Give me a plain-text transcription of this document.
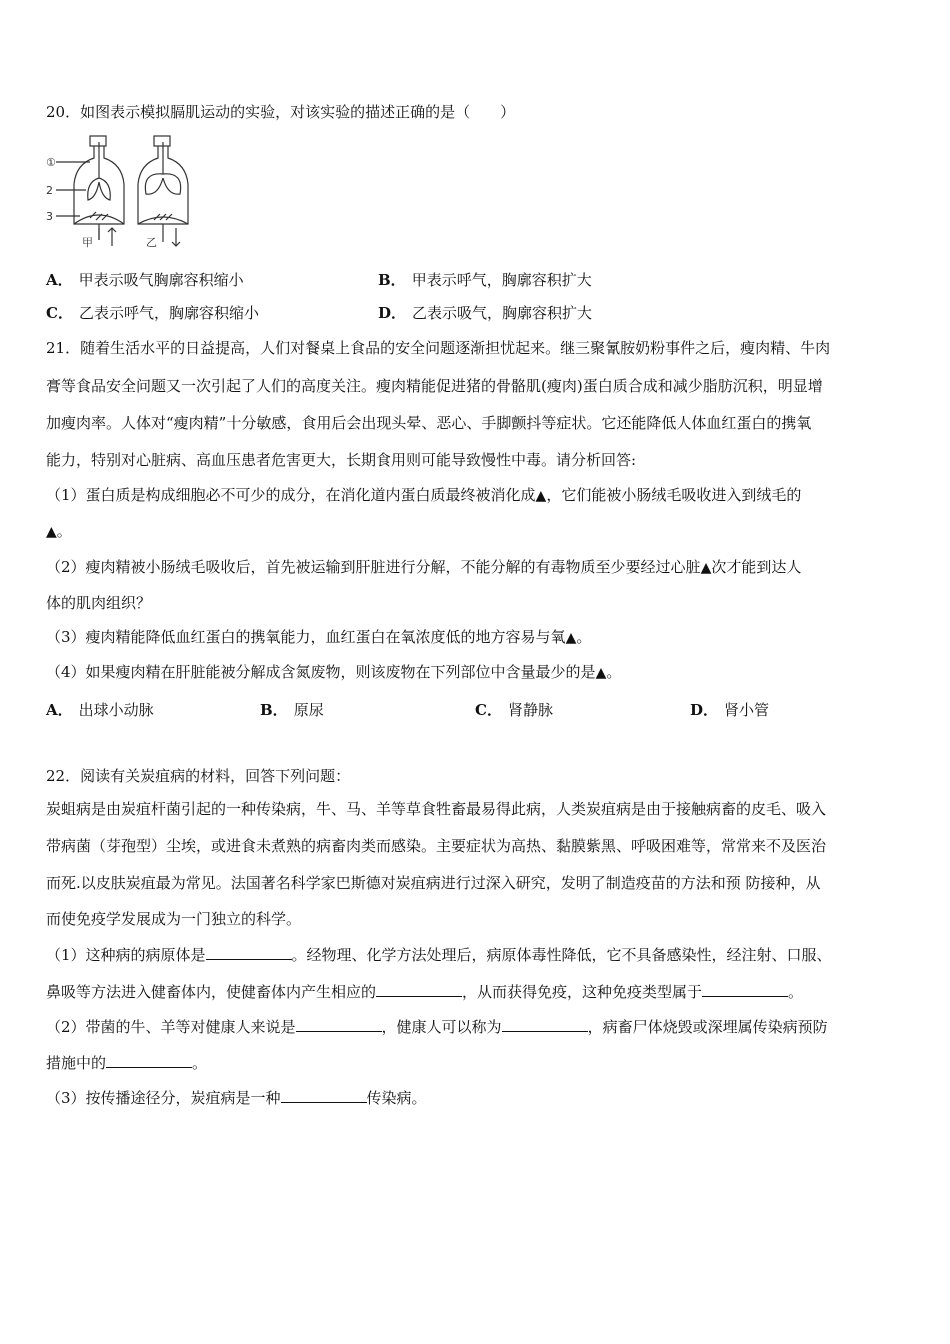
20．如图表示模拟膈肌运动的实验，对该实验的描述正确的是（　　）
①
2
3
甲	乙
A． 甲表示吸气胸廓容积缩小	B． 甲表示呼气，胸廓容积扩大
C． 乙表示呼气，胸廓容积缩小	D． 乙表示吸气，胸廓容积扩大
21．随着生活水平的日益提高，人们对餐桌上食品的安全问题逐渐担忧起来。继三聚氰胺奶粉事件之后，瘦肉精、牛肉
膏等食品安全问题又一次引起了人们的高度关注。瘦肉精能促进猪的骨骼肌(瘦肉)蛋白质合成和减少脂肪沉积，明显增
加瘦肉率。人体对“瘦肉精”十分敏感，食用后会出现头晕、恶心、手脚颤抖等症状。它还能降低人体血红蛋白的携氧
能力，特别对心脏病、高血压患者危害更大，长期食用则可能导致慢性中毒。请分析回答:
（1）蛋白质是构成细胞必不可少的成分，在消化道内蛋白质最终被消化成▲，它们能被小肠绒毛吸收进入到绒毛的
▲。
（2）瘦肉精被小肠绒毛吸收后，首先被运输到肝脏进行分解，不能分解的有毒物质至少要经过心脏▲次才能到达人
体的肌肉组织？
（3）瘦肉精能降低血红蛋白的携氧能力，血红蛋白在氧浓度低的地方容易与氧▲。
（4）如果瘦肉精在肝脏能被分解成含氮废物，则该废物在下列部位中含量最少的是▲。
A． 出球小动脉	B． 原尿	C． 肾静脉	D． 肾小管
22．阅读有关炭疽病的材料，回答下列问题：
炭蛆病是由炭疽杆菌引起的一种传染病，牛、马、羊等草食牲畜最易得此病，人类炭疽病是由于接触病畜的皮毛、吸入
带病菌（芽孢型）尘埃，或进食未煮熟的病畜肉类而感染。主要症状为高热、黏膜紫黑、呼吸困难等，常常来不及医治
而死.以皮肤炭疽最为常见。法国著名科学家巴斯德对炭疽病进行过深入研究，发明了制造疫苗的方法和预 防接种，从
而使免疫学发展成为一门独立的科学。
（1）这种病的病原体是	。经物理、化学方法处理后，病原体毒性降低，它不具备感染性，经注射、口服、
鼻吸等方法进入健畜体内，使健畜体内产生相应的	，从而获得免疫，这种免疫类型属于	。
（2）带菌的牛、羊等对健康人来说是	，健康人可以称为	，病畜尸体烧毁或深埋属传染病预防
措施中的	。
（3）按传播途径分，炭疽病是一种	传染病。
